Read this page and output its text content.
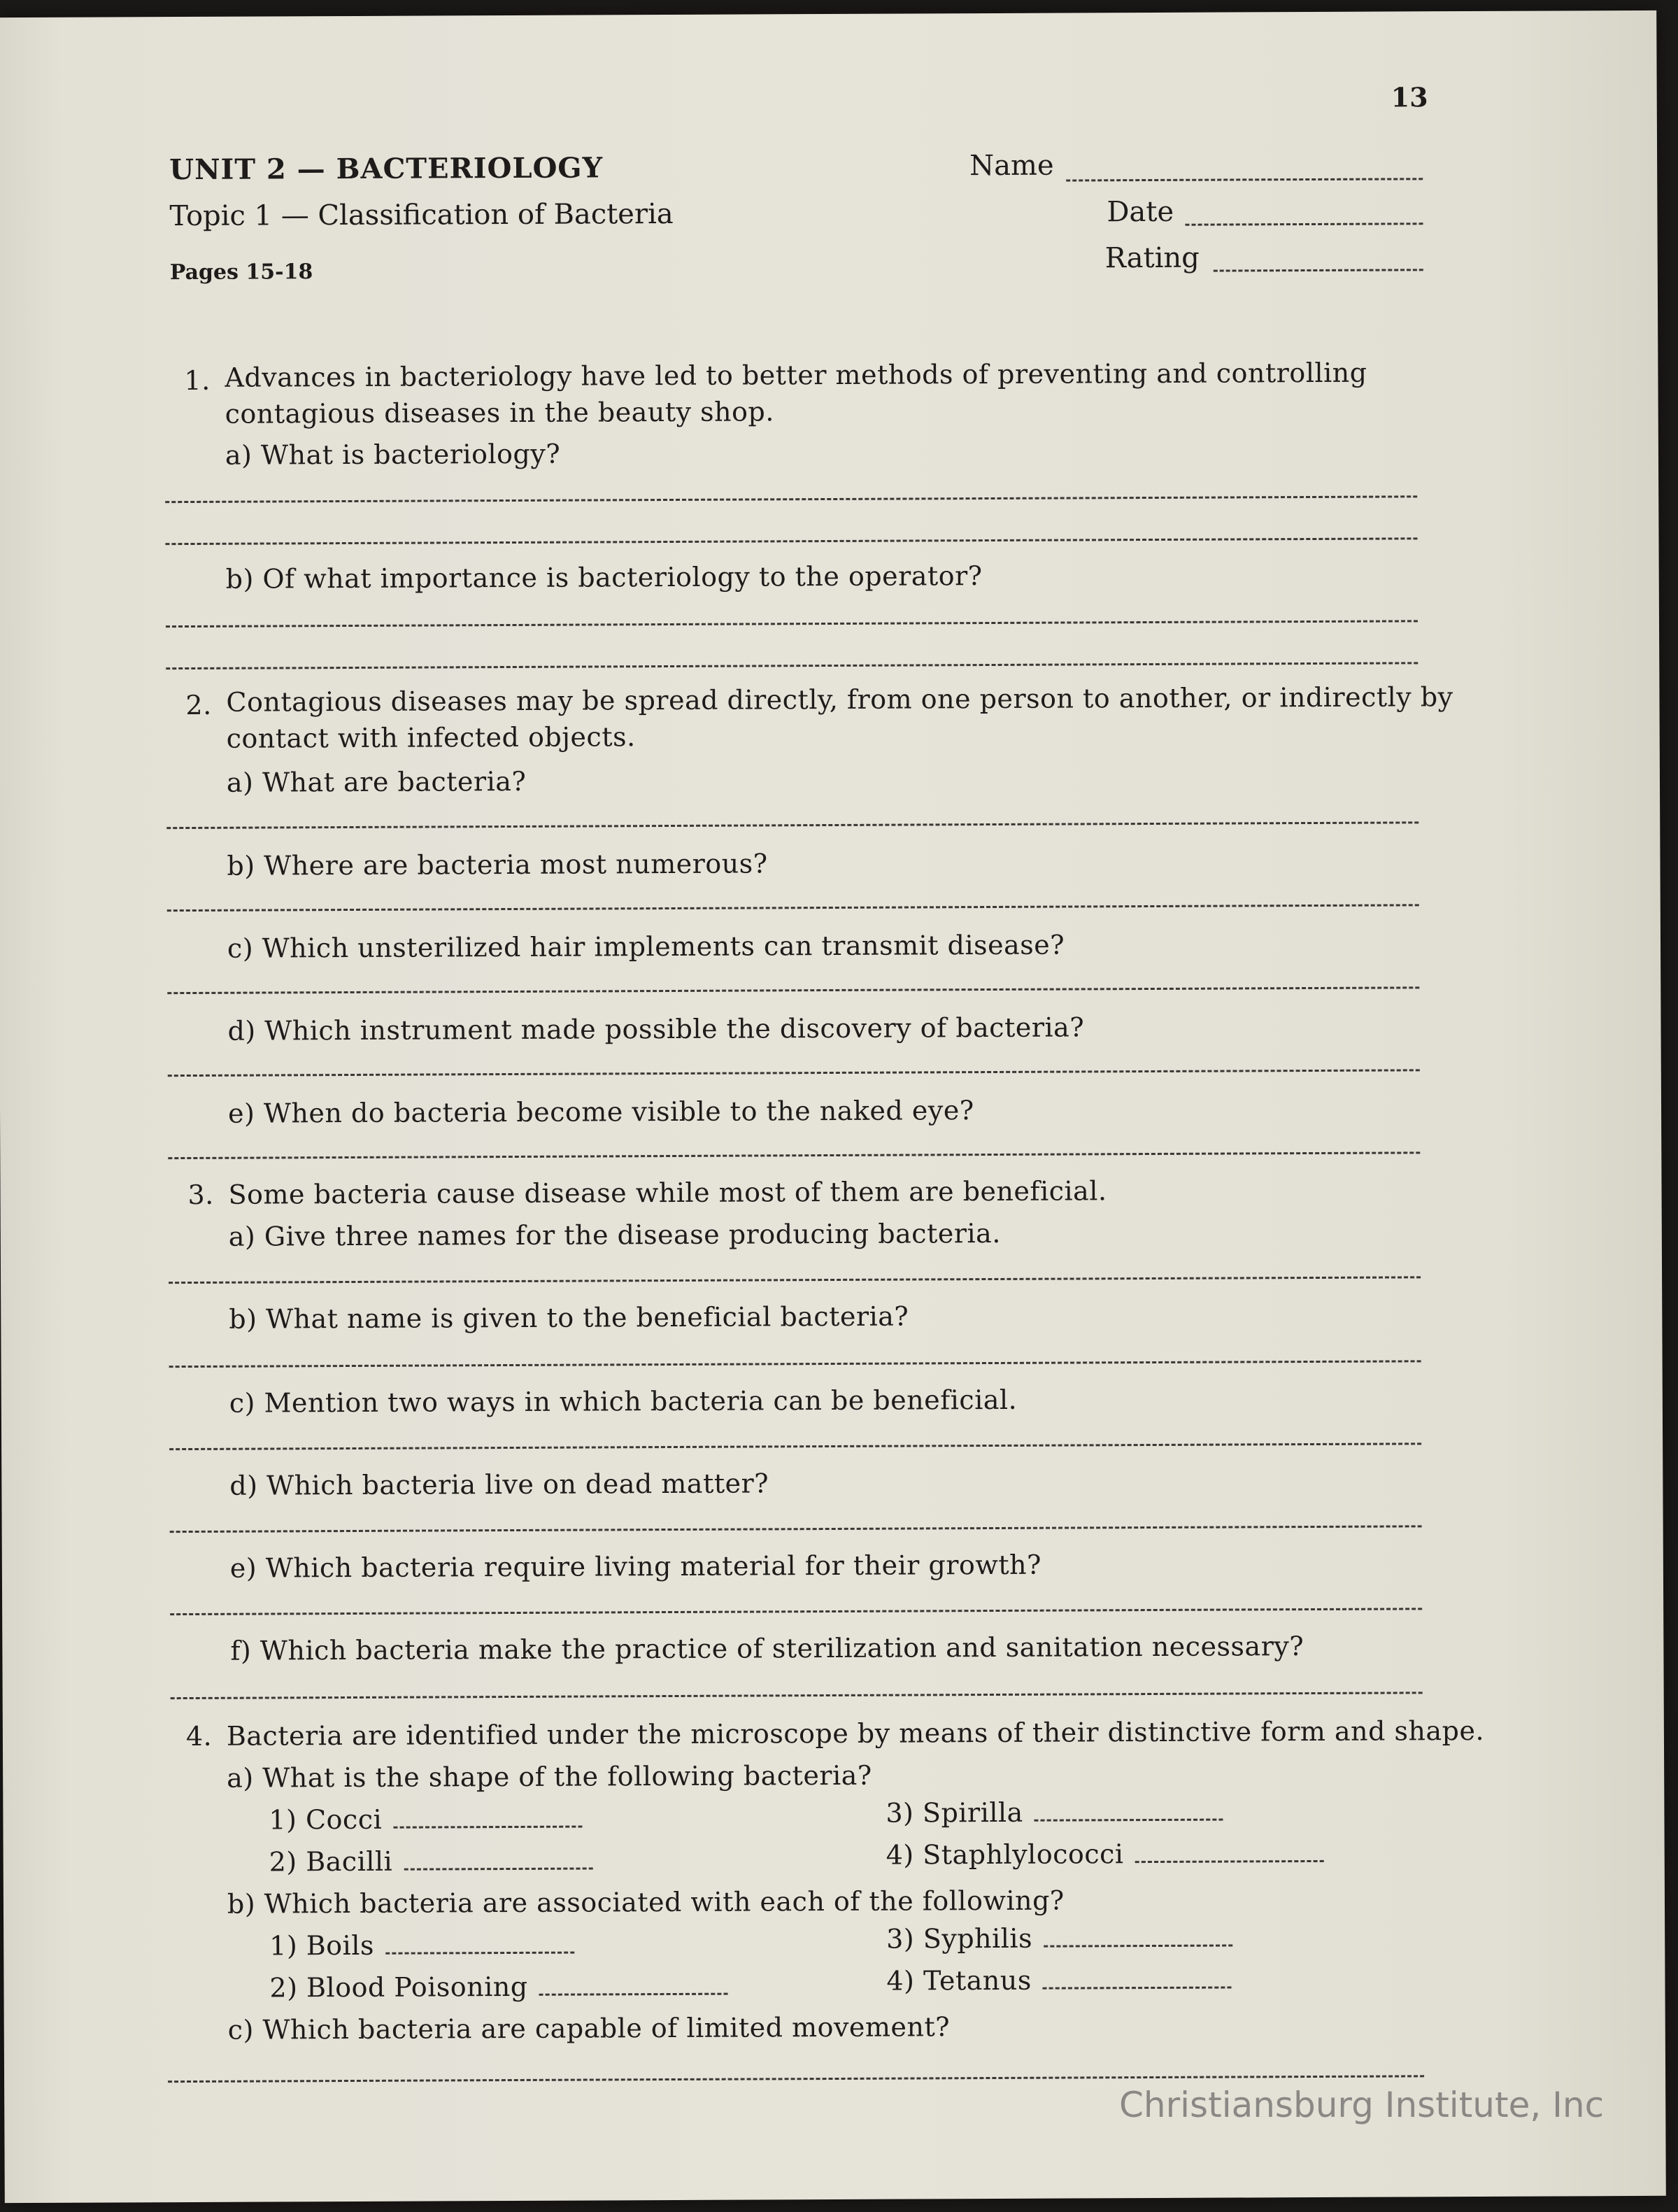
13
UNIT 2 — BACTERIOLOGY
Topic 1 — Classification of Bacteria
Pages 15-18
Name
Date
Rating
1. Advances in bacteriology have led to better methods of preventing and controlling contagious diseases in the beauty shop.
a) What is bacteriology?
b) Of what importance is bacteriology to the operator?
2. Contagious diseases may be spread directly, from one person to another, or indirectly by contact with infected objects.
a) What are bacteria?
b) Where are bacteria most numerous?
c) Which unsterilized hair implements can transmit disease?
d) Which instrument made possible the discovery of bacteria?
e) When do bacteria become visible to the naked eye?
3. Some bacteria cause disease while most of them are beneficial.
a) Give three names for the disease producing bacteria.
b) What name is given to the beneficial bacteria?
c) Mention two ways in which bacteria can be beneficial.
d) Which bacteria live on dead matter?
e) Which bacteria require living material for their growth?
f) Which bacteria make the practice of sterilization and sanitation necessary?
4. Bacteria are identified under the microscope by means of their distinctive form and shape.
a) What is the shape of the following bacteria?
1) Cocci	3) Spirilla
2) Bacilli	4) Staphlylococci
b) Which bacteria are associated with each of the following?
1) Boils	3) Syphilis
2) Blood Poisoning	4) Tetanus
c) Which bacteria are capable of limited movement?
Christiansburg Institute, Inc
